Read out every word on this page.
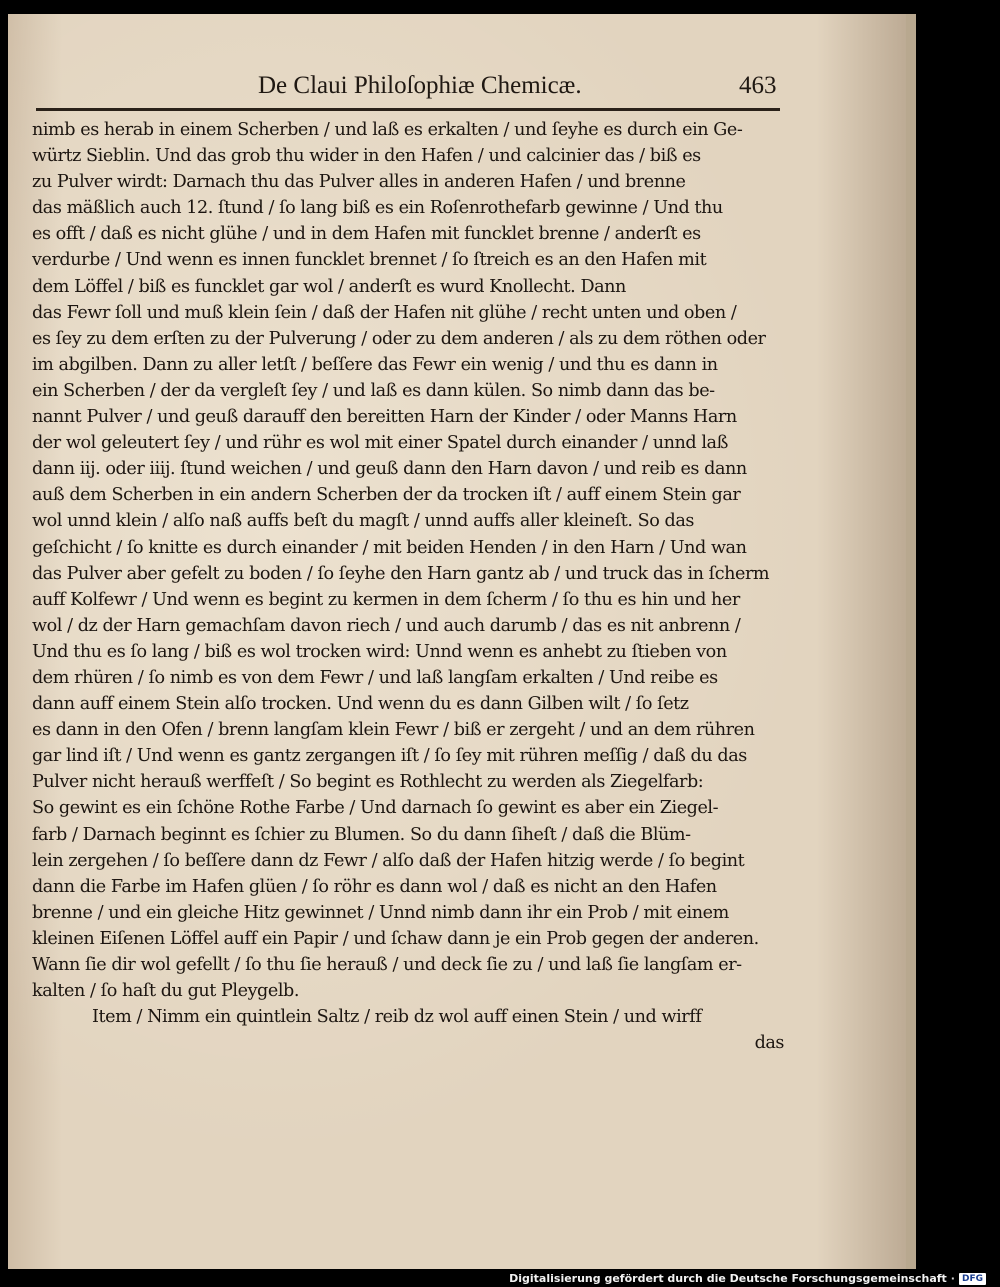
De Claui Philoſophiæ Chemicæ.	463
nimb es herab in einem Scherben / und laß es erkalten / und ſeyhe es durch ein Ge-
würtz Sieblin. Und das grob thu wider in den Hafen / und calcinier das / biß es
zu Pulver wirdt: Darnach thu das Pulver alles in anderen Hafen / und brenne
das mäßlich auch 12. ſtund / ſo lang biß es ein Roſenrothefarb gewinne / Und thu
es offt / daß es nicht glühe / und in dem Hafen mit funcklet brenne / anderſt es
verdurbe / Und wenn es innen funcklet brennet / ſo ſtreich es an den Hafen mit
dem Löffel / biß es funcklet gar wol / anderſt es wurd Knollecht. Dann
das Fewr ſoll und muß klein ſein / daß der Hafen nit glühe / recht unten und oben /
es ſey zu dem erſten zu der Pulverung / oder zu dem anderen / als zu dem röthen oder
im abgilben. Dann zu aller letſt / beſſere das Fewr ein wenig / und thu es dann in
ein Scherben / der da vergleſt ſey / und laß es dann külen. So nimb dann das be-
nannt Pulver / und geuß darauff den bereitten Harn der Kinder / oder Manns Harn
der wol geleutert ſey / und rühr es wol mit einer Spatel durch einander / unnd laß
dann iij. oder iiij. ſtund weichen / und geuß dann den Harn davon / und reib es dann
auß dem Scherben in ein andern Scherben der da trocken iſt / auff einem Stein gar
wol unnd klein / alſo naß auffs beſt du magſt / unnd auffs aller kleineſt. So das
geſchicht / ſo knitte es durch einander / mit beiden Henden / in den Harn / Und wan
das Pulver aber gefelt zu boden / ſo ſeyhe den Harn gantz ab / und truck das in ſcherm
auff Kolfewr / Und wenn es begint zu kermen in dem ſcherm / ſo thu es hin und her
wol / dz der Harn gemachſam davon riech / und auch darumb / das es nit anbrenn /
Und thu es ſo lang / biß es wol trocken wird: Unnd wenn es anhebt zu ſtieben von
dem rhüren / ſo nimb es von dem Fewr / und laß langſam erkalten / Und reibe es
dann auff einem Stein alſo trocken. Und wenn du es dann Gilben wilt / ſo ſetz
es dann in den Ofen / brenn langſam klein Fewr / biß er zergeht / und an dem rühren
gar lind iſt / Und wenn es gantz zergangen iſt / ſo ſey mit rühren meſſig / daß du das
Pulver nicht herauß werffeſt / So begint es Rothlecht zu werden als Ziegelfarb:
So gewint es ein ſchöne Rothe Farbe / Und darnach ſo gewint es aber ein Ziegel-
farb / Darnach beginnt es ſchier zu Blumen. So du dann ſiheſt / daß die Blüm-
lein zergehen / ſo beſſere dann dz Fewr / alſo daß der Hafen hitzig werde / ſo begint
dann die Farbe im Hafen glüen / ſo röhr es dann wol / daß es nicht an den Hafen
brenne / und ein gleiche Hitz gewinnet / Unnd nimb dann ihr ein Prob / mit einem
kleinen Eiſenen Löffel auff ein Papir / und ſchaw dann je ein Prob gegen der anderen.
Wann ſie dir wol gefellt / ſo thu ſie herauß / und deck ſie zu / und laß ſie langſam er-
kalten / ſo haſt du gut Pleygelb.
Item / Nimm ein quintlein Saltz / reib dz wol auff einen Stein / und wirff
das
Digitalisierung gefördert durch die Deutsche Forschungsgemeinschaft · DFG
